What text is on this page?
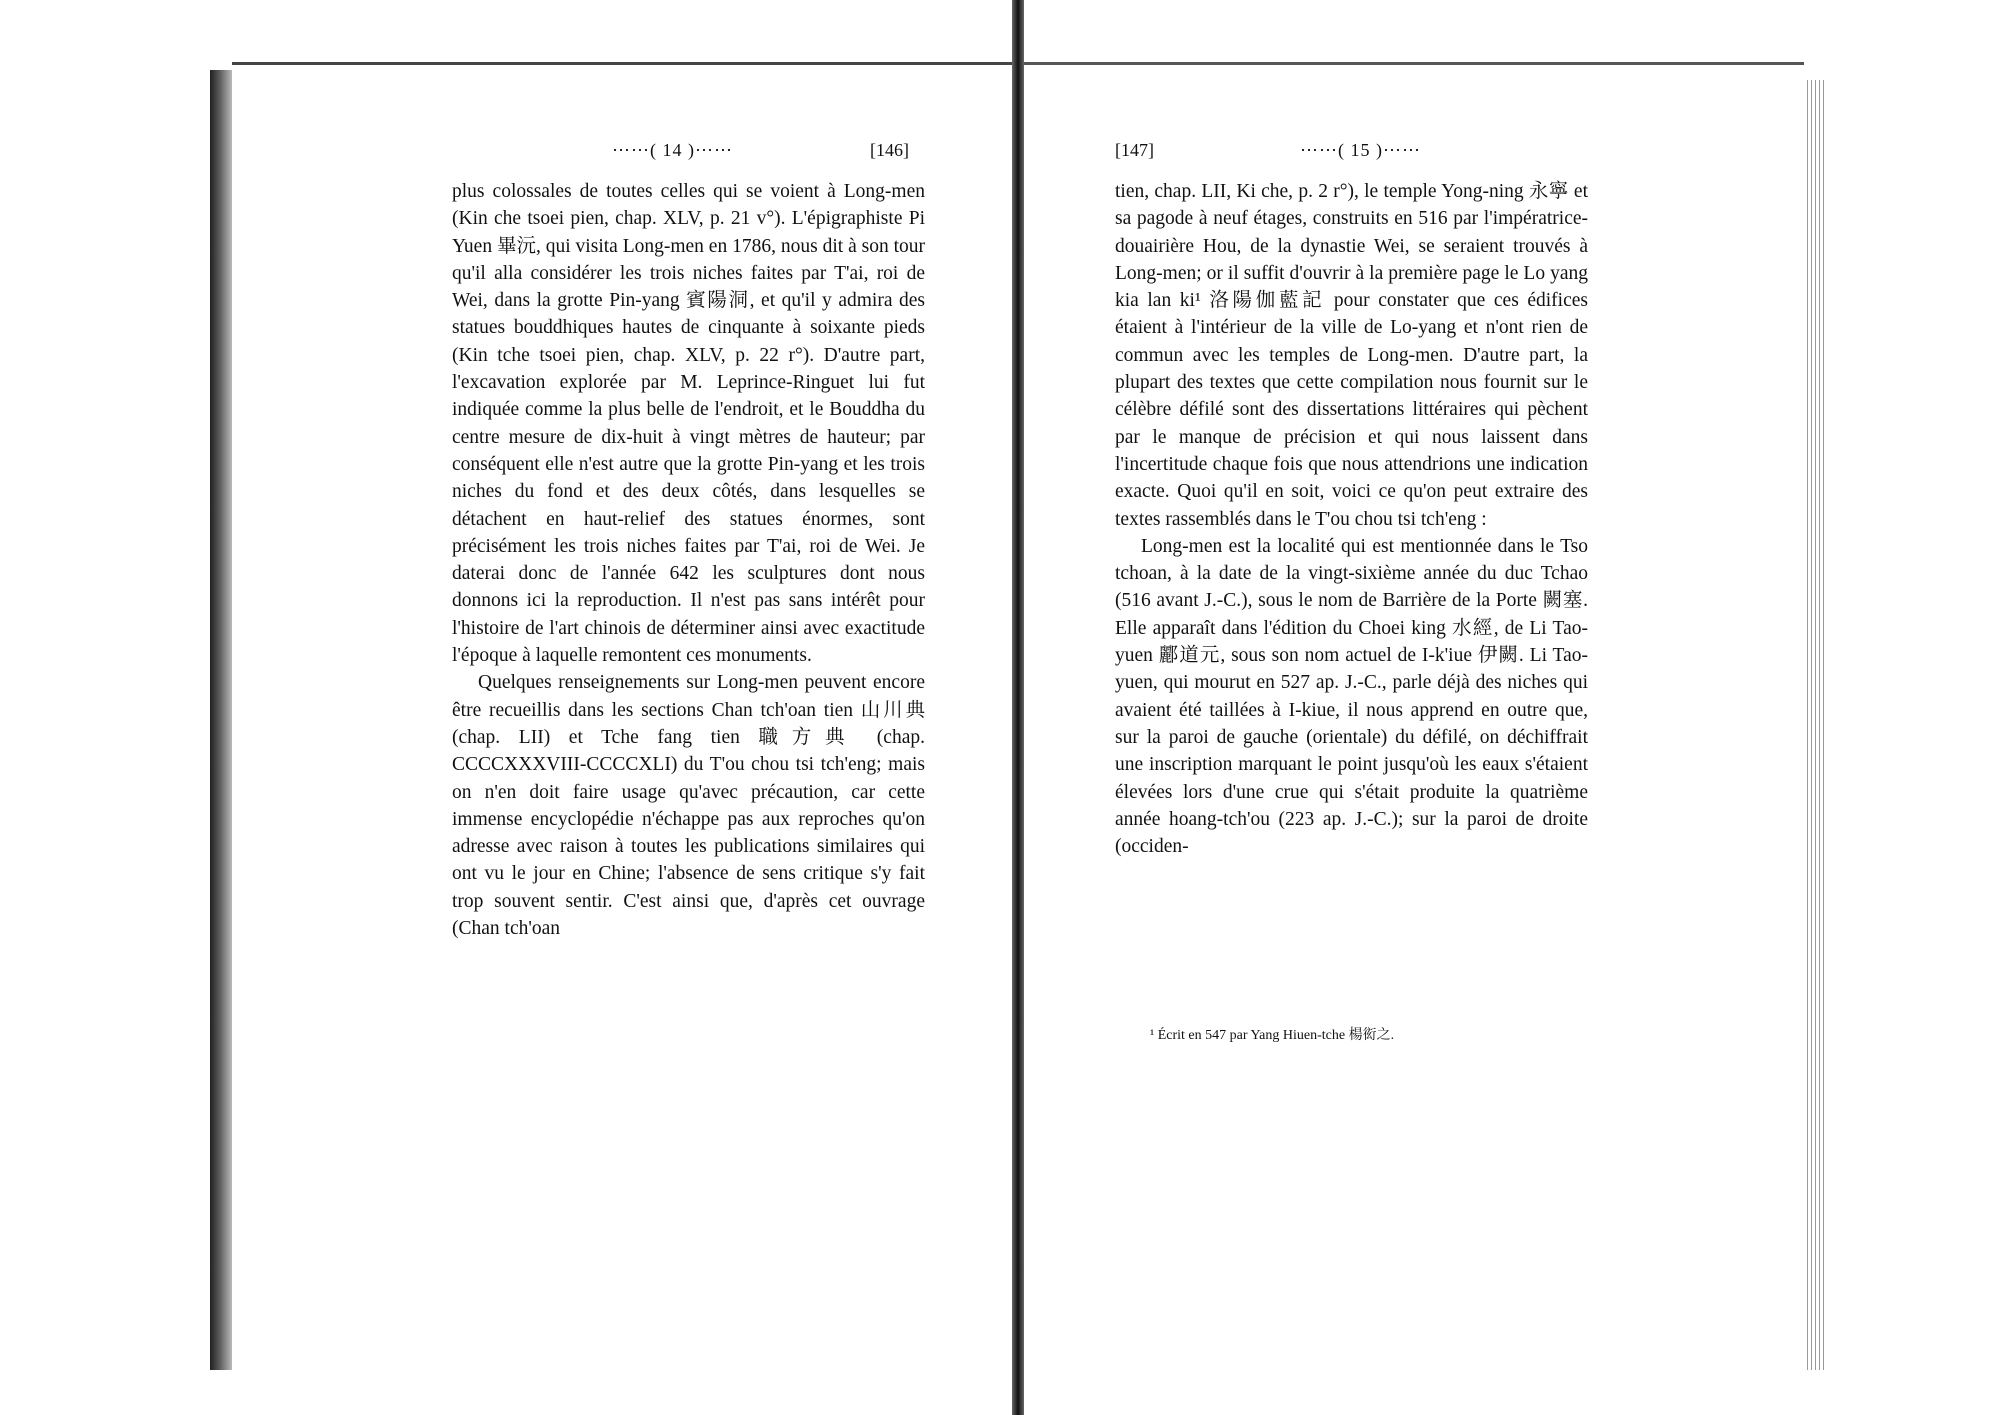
⋯⋯( 14 )⋯⋯	[146]

plus colossales de toutes celles qui se voient à Long-men (Kin che tsoei pien, chap. XLV, p. 21 v°). L'épigraphiste Pi Yuen 畢沅, qui visita Long-men en 1786, nous dit à son tour qu'il alla considérer les trois niches faites par T'ai, roi de Wei, dans la grotte Pin-yang 賓陽洞, et qu'il y admira des statues bouddhiques hautes de cinquante à soixante pieds (Kin tche tsoei pien, chap. XLV, p. 22 r°). D'autre part, l'excavation explorée par M. Leprince-Ringuet lui fut indiquée comme la plus belle de l'endroit, et le Bouddha du centre mesure de dix-huit à vingt mètres de hauteur; par conséquent elle n'est autre que la grotte Pin-yang et les trois niches du fond et des deux côtés, dans lesquelles se détachent en haut-relief des statues énormes, sont précisément les trois niches faites par T'ai, roi de Wei. Je daterai donc de l'année 642 les sculptures dont nous donnons ici la reproduction. Il n'est pas sans intérêt pour l'histoire de l'art chinois de déterminer ainsi avec exactitude l'époque à laquelle remontent ces monuments.

Quelques renseignements sur Long-men peuvent encore être recueillis dans les sections Chan tch'oan tien 山川典 (chap. LII) et Tche fang tien 職方典 (chap. CCCCXXXVIII-CCCCXLI) du T'ou chou tsi tch'eng; mais on n'en doit faire usage qu'avec précaution, car cette immense encyclopédie n'échappe pas aux reproches qu'on adresse avec raison à toutes les publications similaires qui ont vu le jour en Chine; l'absence de sens critique s'y fait trop souvent sentir. C'est ainsi que, d'après cet ouvrage (Chan tch'oan

[147]	⋯⋯( 15 )⋯⋯

tien, chap. LII, Ki che, p. 2 r°), le temple Yong-ning 永寧 et sa pagode à neuf étages, construits en 516 par l'impératrice-douairière Hou, de la dynastie Wei, se seraient trouvés à Long-men; or il suffit d'ouvrir à la première page le Lo yang kia lan ki¹ 洛陽伽藍記 pour constater que ces édifices étaient à l'intérieur de la ville de Lo-yang et n'ont rien de commun avec les temples de Long-men. D'autre part, la plupart des textes que cette compilation nous fournit sur le célèbre défilé sont des dissertations littéraires qui pèchent par le manque de précision et qui nous laissent dans l'incertitude chaque fois que nous attendrions une indication exacte. Quoi qu'il en soit, voici ce qu'on peut extraire des textes rassemblés dans le T'ou chou tsi tch'eng :

Long-men est la localité qui est mentionnée dans le Tso tchoan, à la date de la vingt-sixième année du duc Tchao (516 avant J.-C.), sous le nom de Barrière de la Porte 闕塞. Elle apparaît dans l'édition du Choei king 水經, de Li Tao-yuen 酈道元, sous son nom actuel de I-k'iue 伊闕. Li Tao-yuen, qui mourut en 527 ap. J.-C., parle déjà des niches qui avaient été taillées à I-kiue, il nous apprend en outre que, sur la paroi de gauche (orientale) du défilé, on déchiffrait une inscription marquant le point jusqu'où les eaux s'étaient élevées lors d'une crue qui s'était produite la quatrième année hoang-tch'ou (223 ap. J.-C.); sur la paroi de droite (occiden-

¹ Écrit en 547 par Yang Hiuen-tche 楊衒之.
